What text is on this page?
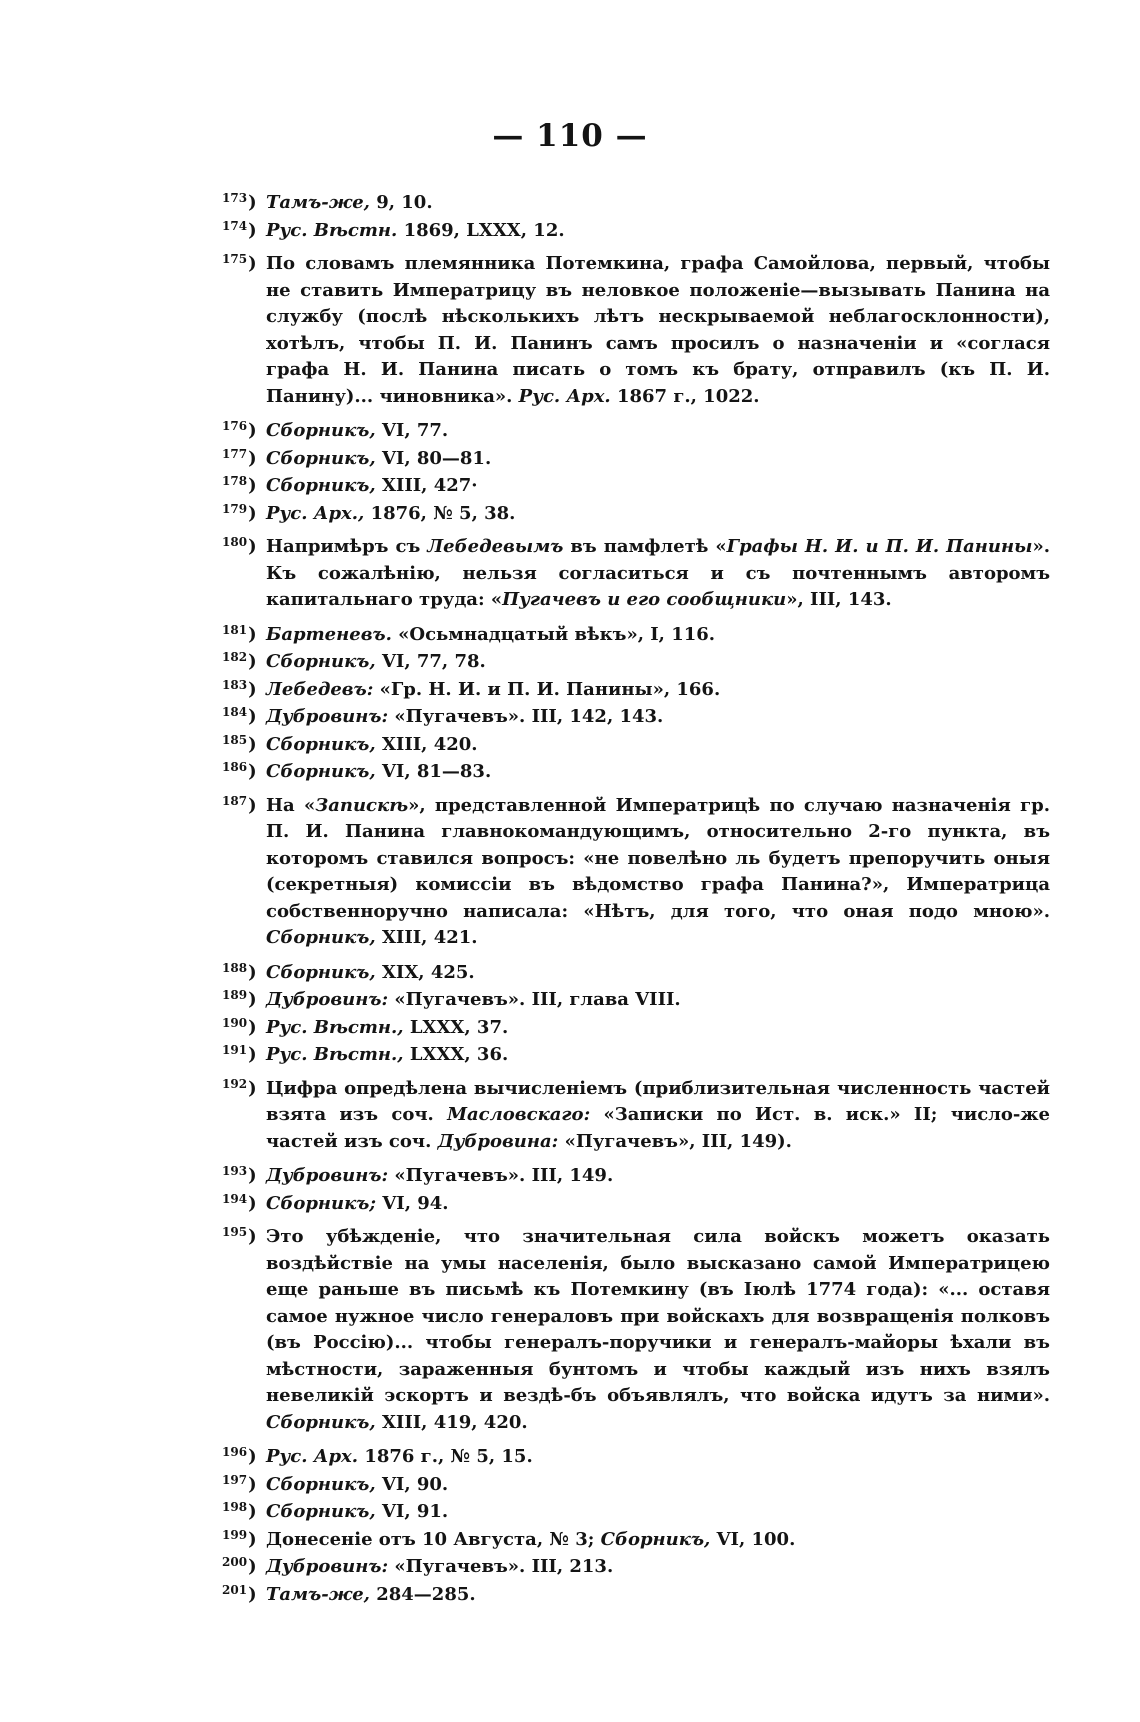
— 110 —
173 )	Тамъ-же, 9, 10.
174 )	Рус. Вѣстн. 1869, LXXX, 12.
175 )	По словамъ племянника Потемкина, графа Самойлова, первый, чтобы не ставить Императрицу въ неловкое положеніе—вызывать Панина на службу (послѣ нѣсколькихъ лѣтъ нескрываемой неблагосклонности), хотѣлъ, чтобы П. И. Панинъ самъ просилъ о назначеніи и «соглася графа Н. И. Панина писать о томъ къ брату, отправилъ (къ П. И. Панину)... чиновника». Рус. Арх. 1867 г., 1022.
176 )	Сборникъ, VI, 77.
177 )	Сборникъ, VI, 80—81.
178 )	Сборникъ, XIII, 427·
179 )	Рус. Арх., 1876, № 5, 38.
180 )	Напримѣръ съ Лебедевымъ въ памфлетѣ «Графы Н. И. и П. И. Панины». Къ сожалѣнію, нельзя согласиться и съ почтеннымъ авторомъ капитальнаго труда: «Пугачевъ и его сообщники», III, 143.
181 )	Бартеневъ. «Осьмнадцатый вѣкъ», I, 116.
182 )	Сборникъ, VI, 77, 78.
183 )	Лебедевъ: «Гр. Н. И. и П. И. Панины», 166.
184 )	Дубровинъ: «Пугачевъ». III, 142, 143.
185 )	Сборникъ, XIII, 420.
186 )	Сборникъ, VI, 81—83.
187 )	На «Запискѣ», представленной Императрицѣ по случаю назначенія гр. П. И. Панина главнокомандующимъ, относительно 2-го пункта, въ которомъ ставился вопросъ: «не повелѣно ль будетъ препоручить оныя (секретныя) комиссіи въ вѣдомство графа Панина?», Императрица собственноручно написала: «Нѣтъ, для того, что оная подо мною». Сборникъ, XIII, 421.
188 )	Сборникъ, XIX, 425.
189 )	Дубровинъ: «Пугачевъ». III, глава VIII.
190 )	Рус. Вѣстн., LXXX, 37.
191 )	Рус. Вѣстн., LXXX, 36.
192 )	Цифра опредѣлена вычисленіемъ (приблизительная численность частей взята изъ соч. Масловскаго: «Записки по Ист. в. иск.» II; число-же частей изъ соч. Дубровина: «Пугачевъ», III, 149).
193 )	Дубровинъ: «Пугачевъ». III, 149.
194 )	Сборникъ; VI, 94.
195 )	Это убѣжденіе, что значительная сила войскъ можетъ оказать воздѣйствіе на умы населенія, было высказано самой Императрицею еще раньше въ письмѣ къ Потемкину (въ Іюлѣ 1774 года): «... оставя самое нужное число генераловъ при войскахъ для возвращенія полковъ (въ Россію)... чтобы генералъ-поручики и генералъ-майоры ѣхали въ мѣстности, зараженныя бунтомъ и чтобы каждый изъ нихъ взялъ невеликій эскортъ и вездѣ-бъ объявлялъ, что войска идутъ за ними». Сборникъ, XIII, 419, 420.
196 )	Рус. Арх. 1876 г., № 5, 15.
197 )	Сборникъ, VI, 90.
198 )	Сборникъ, VI, 91.
199 )	Донесеніе отъ 10 Августа, № 3; Сборникъ, VI, 100.
200 )	Дубровинъ: «Пугачевъ». III, 213.
201 )	Тамъ-же, 284—285.
